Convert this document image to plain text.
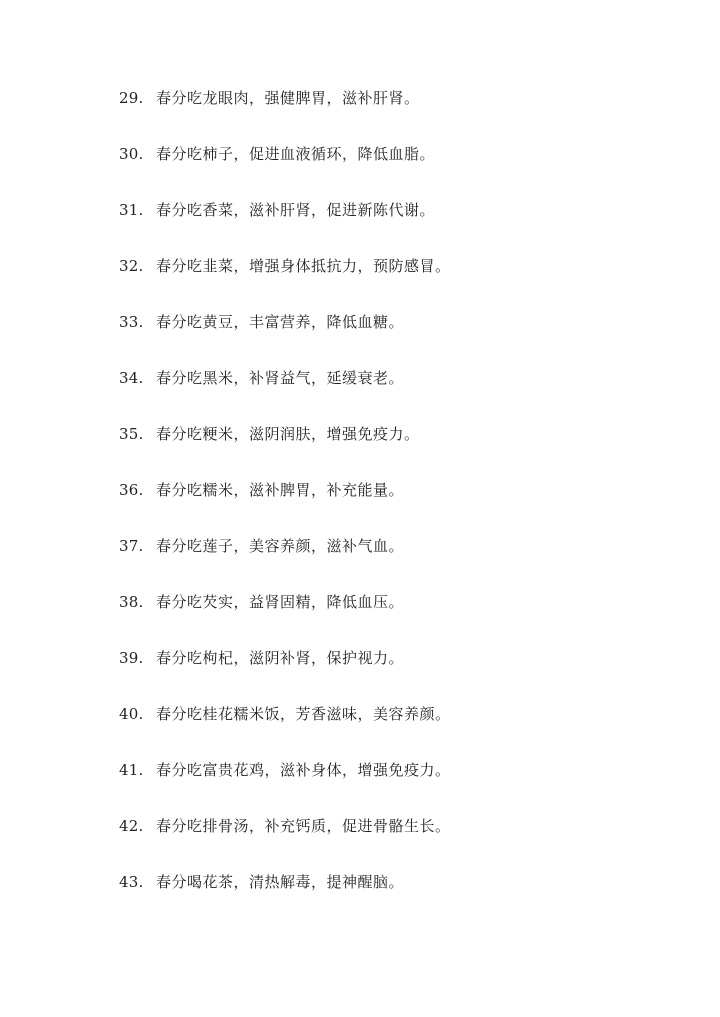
29. 春分吃龙眼肉，强健脾胃，滋补肝肾。
30. 春分吃柿子，促进血液循环，降低血脂。
31. 春分吃香菜，滋补肝肾，促进新陈代谢。
32. 春分吃韭菜，增强身体抵抗力，预防感冒。
33. 春分吃黄豆，丰富营养，降低血糖。
34. 春分吃黑米，补肾益气，延缓衰老。
35. 春分吃粳米，滋阴润肤，增强免疫力。
36. 春分吃糯米，滋补脾胃，补充能量。
37. 春分吃莲子，美容养颜，滋补气血。
38. 春分吃芡实，益肾固精，降低血压。
39. 春分吃枸杞，滋阴补肾，保护视力。
40. 春分吃桂花糯米饭，芳香滋味，美容养颜。
41. 春分吃富贵花鸡，滋补身体，增强免疫力。
42. 春分吃排骨汤，补充钙质，促进骨骼生长。
43. 春分喝花茶，清热解毒，提神醒脑。
